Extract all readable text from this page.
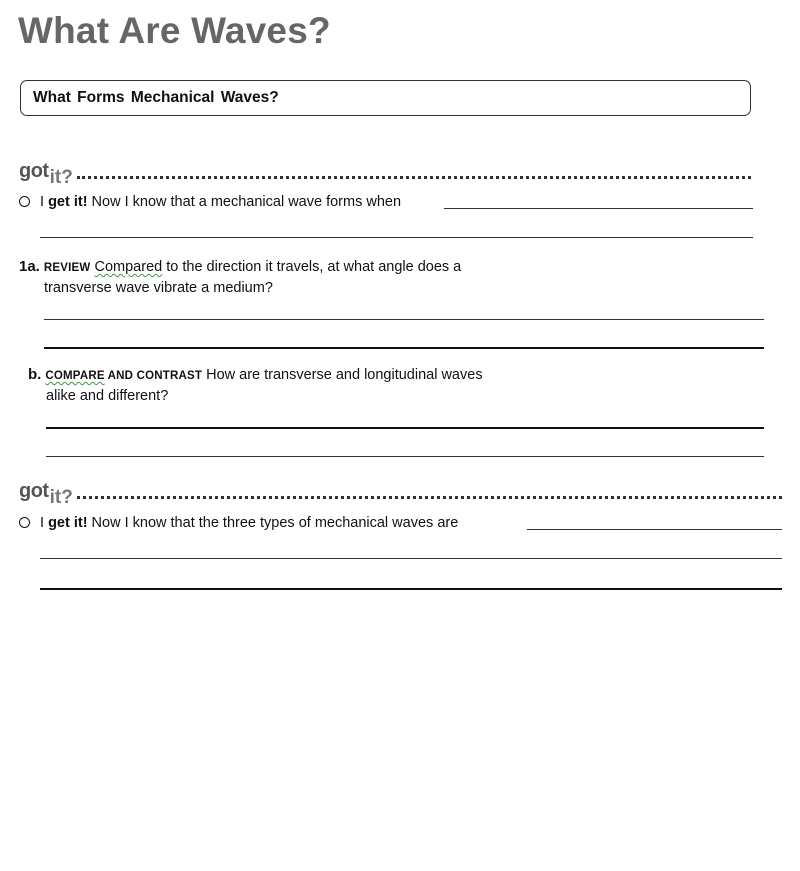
What Are Waves?
What Forms Mechanical Waves?
got it?
I get it! Now I know that a mechanical wave forms when
1a. REVIEW Compared to the direction it travels, at what angle does a
transverse wave vibrate a medium?
b. COMPARE AND CONTRAST How are transverse and longitudinal waves
alike and different?
got it?
I get it! Now I know that the three types of mechanical waves are
